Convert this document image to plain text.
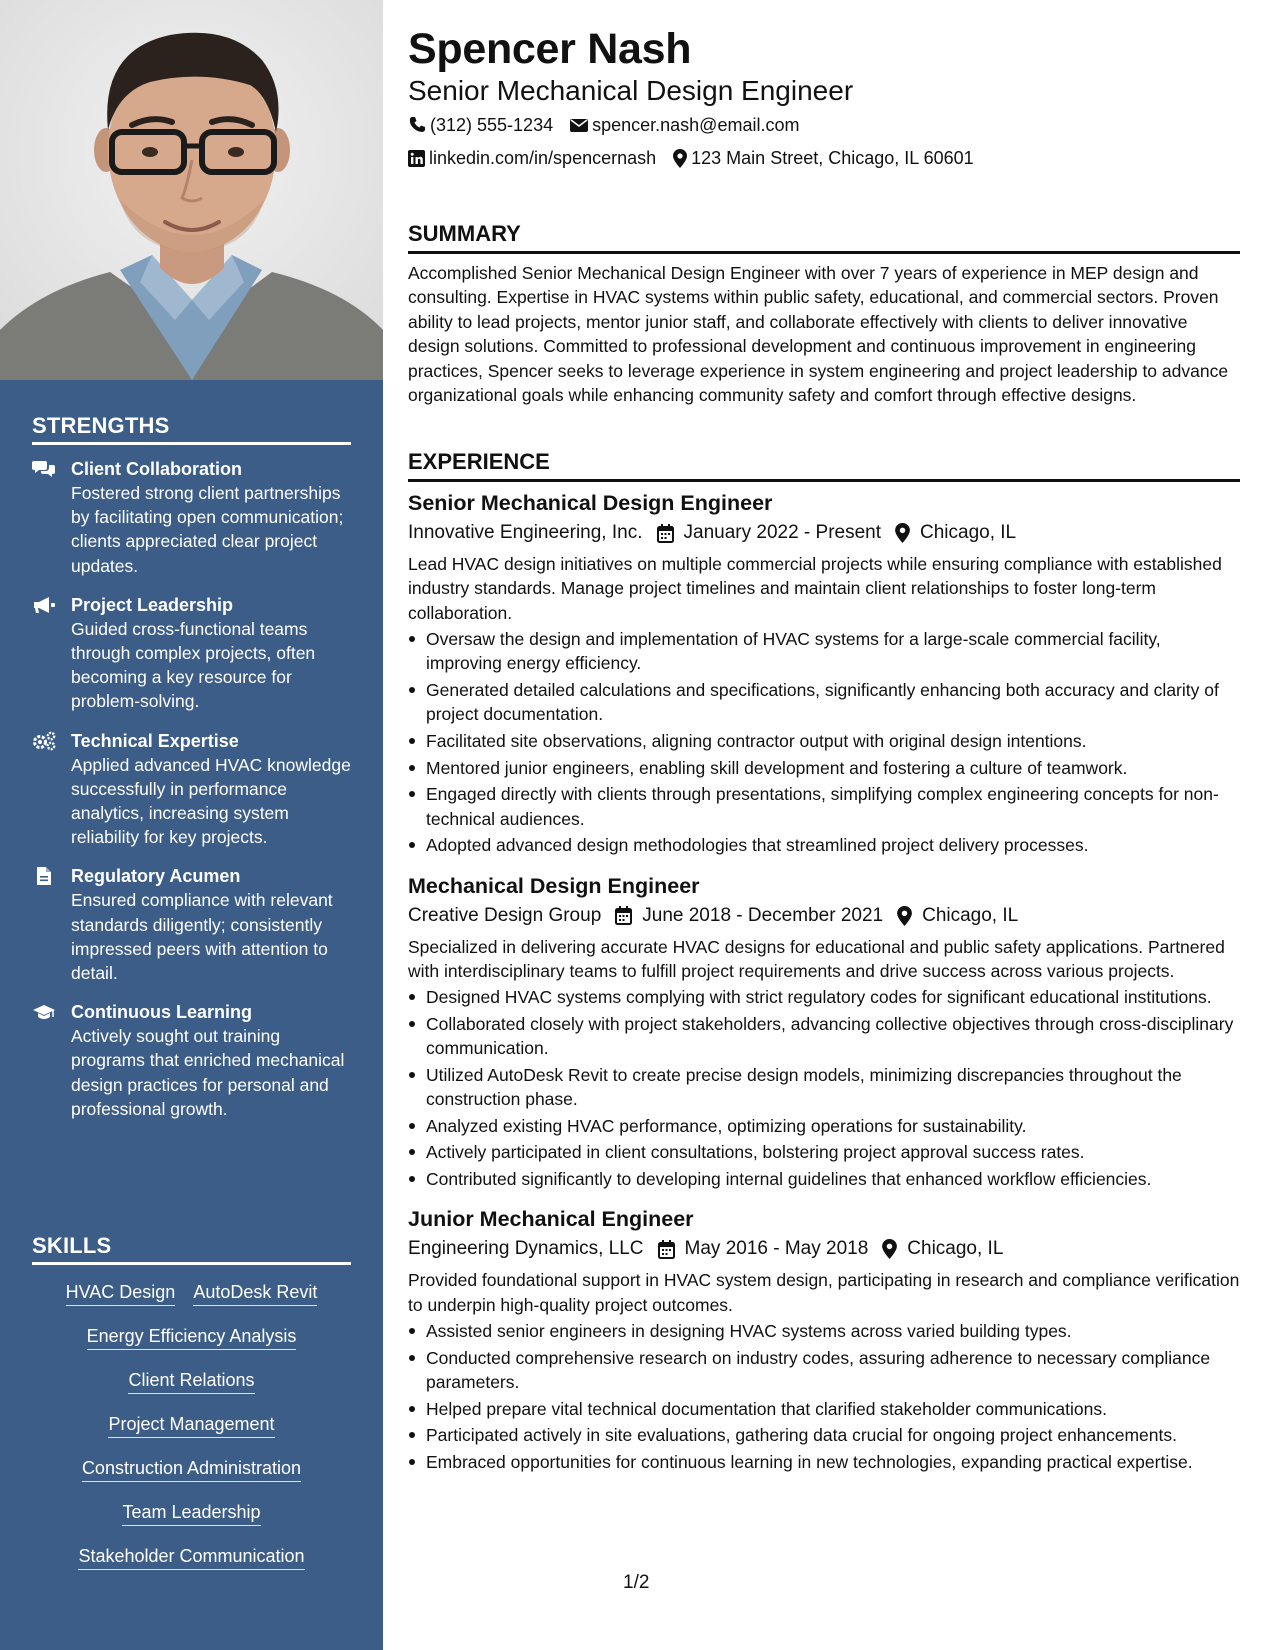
STRENGTHS
Client Collaboration
Fostered strong client partnerships by facilitating open communication; clients appreciated clear project updates.
Project Leadership
Guided cross-functional teams through complex projects, often becoming a key resource for problem-solving.
Technical Expertise
Applied advanced HVAC knowledge successfully in performance analytics, increasing system reliability for key projects.
Regulatory Acumen
Ensured compliance with relevant standards diligently; consistently impressed peers with attention to detail.
Continuous Learning
Actively sought out training programs that enriched mechanical design practices for personal and professional growth.
SKILLS
HVAC Design AutoDesk Revit
Energy Efficiency Analysis
Client Relations
Project Management
Construction Administration
Team Leadership
Stakeholder Communication
Spencer Nash
Senior Mechanical Design Engineer
(312) 555-1234 spencer.nash@email.com
linkedin.com/in/spencernash 123 Main Street, Chicago, IL 60601
SUMMARY
Accomplished Senior Mechanical Design Engineer with over 7 years of experience in MEP design and consulting. Expertise in HVAC systems within public safety, educational, and commercial sectors. Proven ability to lead projects, mentor junior staff, and collaborate effectively with clients to deliver innovative design solutions. Committed to professional development and continuous improvement in engineering practices, Spencer seeks to leverage experience in system engineering and project leadership to advance organizational goals while enhancing community safety and comfort through effective designs.
EXPERIENCE
Senior Mechanical Design Engineer
Innovative Engineering, Inc. January 2022 - Present Chicago, IL
Lead HVAC design initiatives on multiple commercial projects while ensuring compliance with established industry standards. Manage project timelines and maintain client relationships to foster long-term collaboration.
Oversaw the design and implementation of HVAC systems for a large-scale commercial facility, improving energy efficiency.
Generated detailed calculations and specifications, significantly enhancing both accuracy and clarity of project documentation.
Facilitated site observations, aligning contractor output with original design intentions.
Mentored junior engineers, enabling skill development and fostering a culture of teamwork.
Engaged directly with clients through presentations, simplifying complex engineering concepts for non-technical audiences.
Adopted advanced design methodologies that streamlined project delivery processes.
Mechanical Design Engineer
Creative Design Group June 2018 - December 2021 Chicago, IL
Specialized in delivering accurate HVAC designs for educational and public safety applications. Partnered with interdisciplinary teams to fulfill project requirements and drive success across various projects.
Designed HVAC systems complying with strict regulatory codes for significant educational institutions.
Collaborated closely with project stakeholders, advancing collective objectives through cross-disciplinary communication.
Utilized AutoDesk Revit to create precise design models, minimizing discrepancies throughout the construction phase.
Analyzed existing HVAC performance, optimizing operations for sustainability.
Actively participated in client consultations, bolstering project approval success rates.
Contributed significantly to developing internal guidelines that enhanced workflow efficiencies.
Junior Mechanical Engineer
Engineering Dynamics, LLC May 2016 - May 2018 Chicago, IL
Provided foundational support in HVAC system design, participating in research and compliance verification to underpin high-quality project outcomes.
Assisted senior engineers in designing HVAC systems across varied building types.
Conducted comprehensive research on industry codes, assuring adherence to necessary compliance parameters.
Helped prepare vital technical documentation that clarified stakeholder communications.
Participated actively in site evaluations, gathering data crucial for ongoing project enhancements.
Embraced opportunities for continuous learning in new technologies, expanding practical expertise.
1/2
